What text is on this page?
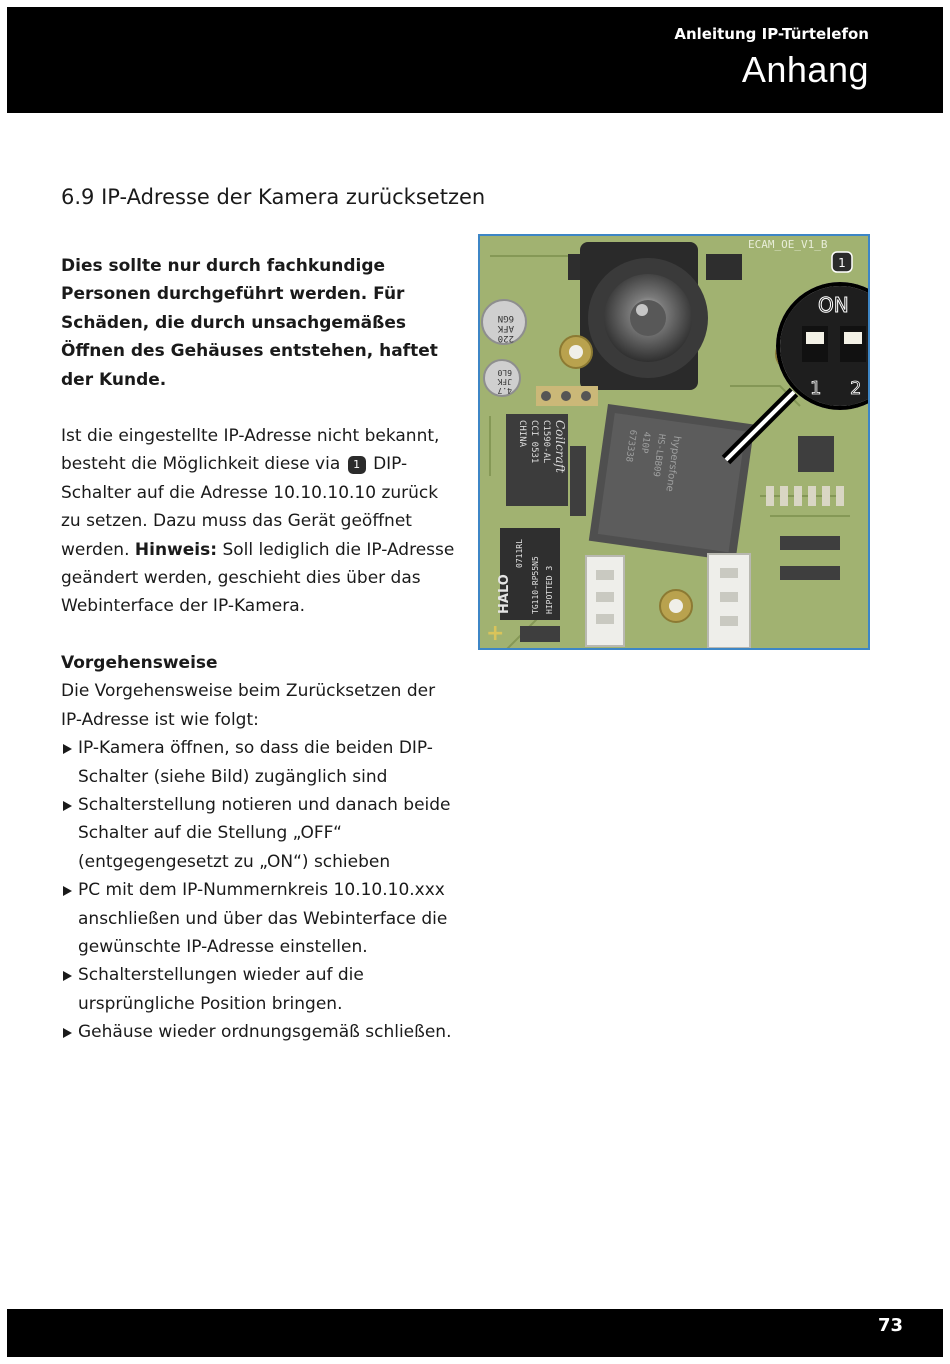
Anleitung IP-Türtelefon
Anhang
6.9 IP-Adresse der Kamera zurücksetzen

Dies sollte nur durch fachkundige Personen durchgeführt werden. Für Schäden, die durch unsachgemäßes Öffnen des Gehäuses entstehen, haftet der Kunde.

Ist die eingestellte IP-Adresse nicht bekannt, besteht die Möglichkeit diese via 1 DIP-Schalter auf die Adresse 10.10.10.10 zurück zu setzen. Dazu muss das Gerät geöffnet werden. Hinweis: Soll lediglich die IP-Adresse geändert werden, geschieht dies über das Webinterface der IP-Kamera.

Vorgehensweise

Die Vorgehensweise beim Zurücksetzen der IP-Adresse ist wie folgt:

IP-Kamera öffnen, so dass die beiden DIP-Schalter (siehe Bild) zugänglich sind
Schalterstellung notieren und danach beide Schalter auf die Stellung „OFF“ (entgegengesetzt zu „ON“) schieben
PC mit dem IP-Nummernkreis 10.10.10.xxx anschließen und über das Webinterface die gewünschte IP-Adresse einstellen.
Schalterstellungen wieder auf die ursprüngliche Position bringen.
Gehäuse wieder ordnungsgemäß schließen.
ECAM_OE_V1_B
hypersfone
HS-LBB09
410P
673338
220
AFK
6GN
4.7
JFK
6L0
Coilcraft
C1590-AL
CCI 0531
CHINA
HALO
0711RL
TG110-RP55N5 HIPOTTED 3
+
ON
1 2
1
73
